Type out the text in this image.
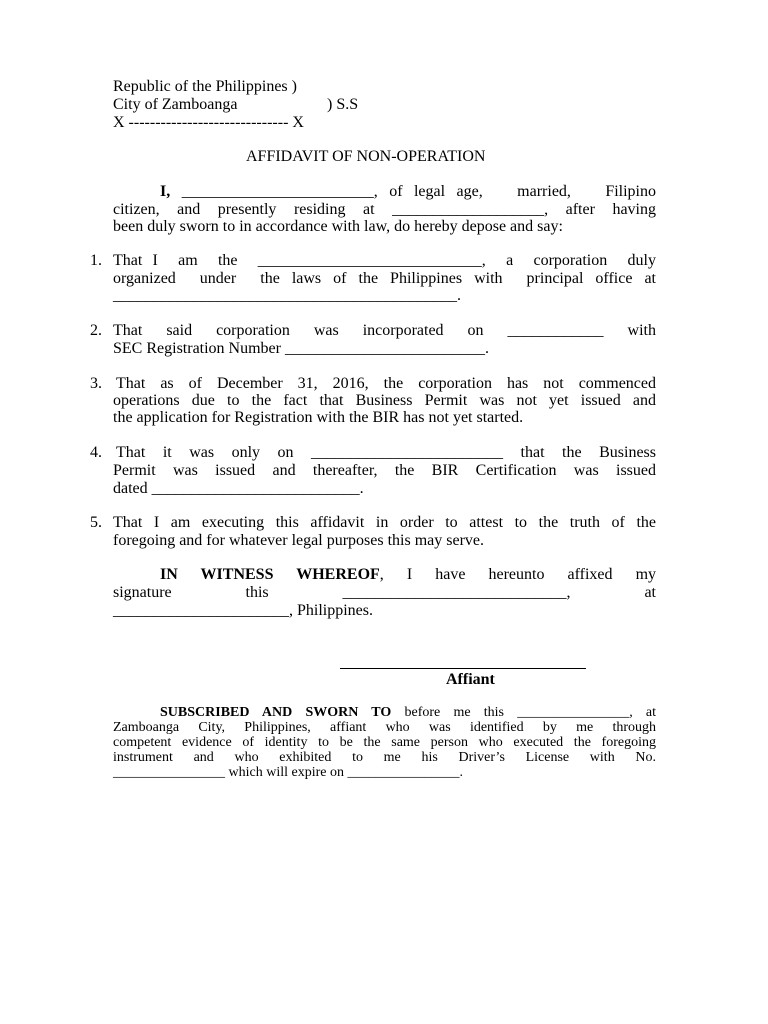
Republic of the Philippines )
City of Zamboanga	) S.S
X ------------------------------ X
AFFIDAVIT OF NON-OPERATION
I, ________________________, of legal age,   married,   Filipino
citizen, and presently residing at ___________________, after having
been duly sworn to in accordance with law, do hereby depose and say:
1. That I  am  the  ____________________________,  a  corporation  duly
organized  under  the laws of the Philippines with  principal office at
___________________________________________.
2. That  said  corporation  was  incorporated  on  ____________  with
SEC Registration Number _________________________.
3. That as of December 31, 2016, the corporation has not commenced
operations due to the fact that Business Permit was not yet issued and
the application for Registration with the BIR has not yet started.
4. That it was only on ________________________ that the Business
Permit was issued and thereafter, the BIR Certification was issued
dated __________________________.
5. That I am executing this affidavit in order to attest to the truth of the
foregoing and for whatever legal purposes this may serve.
IN WITNESS WHEREOF, I have hereunto affixed my
signature          this          ____________________________,          at
______________________, Philippines.
Affiant
SUBSCRIBED AND SWORN TO before me this ________________, at
Zamboanga City, Philippines, affiant who was identified by me through
competent evidence of identity to be the same person who executed the foregoing
instrument  and  who  exhibited  to  me  his  Driver’s  License  with  No.
________________ which will expire on ________________.
